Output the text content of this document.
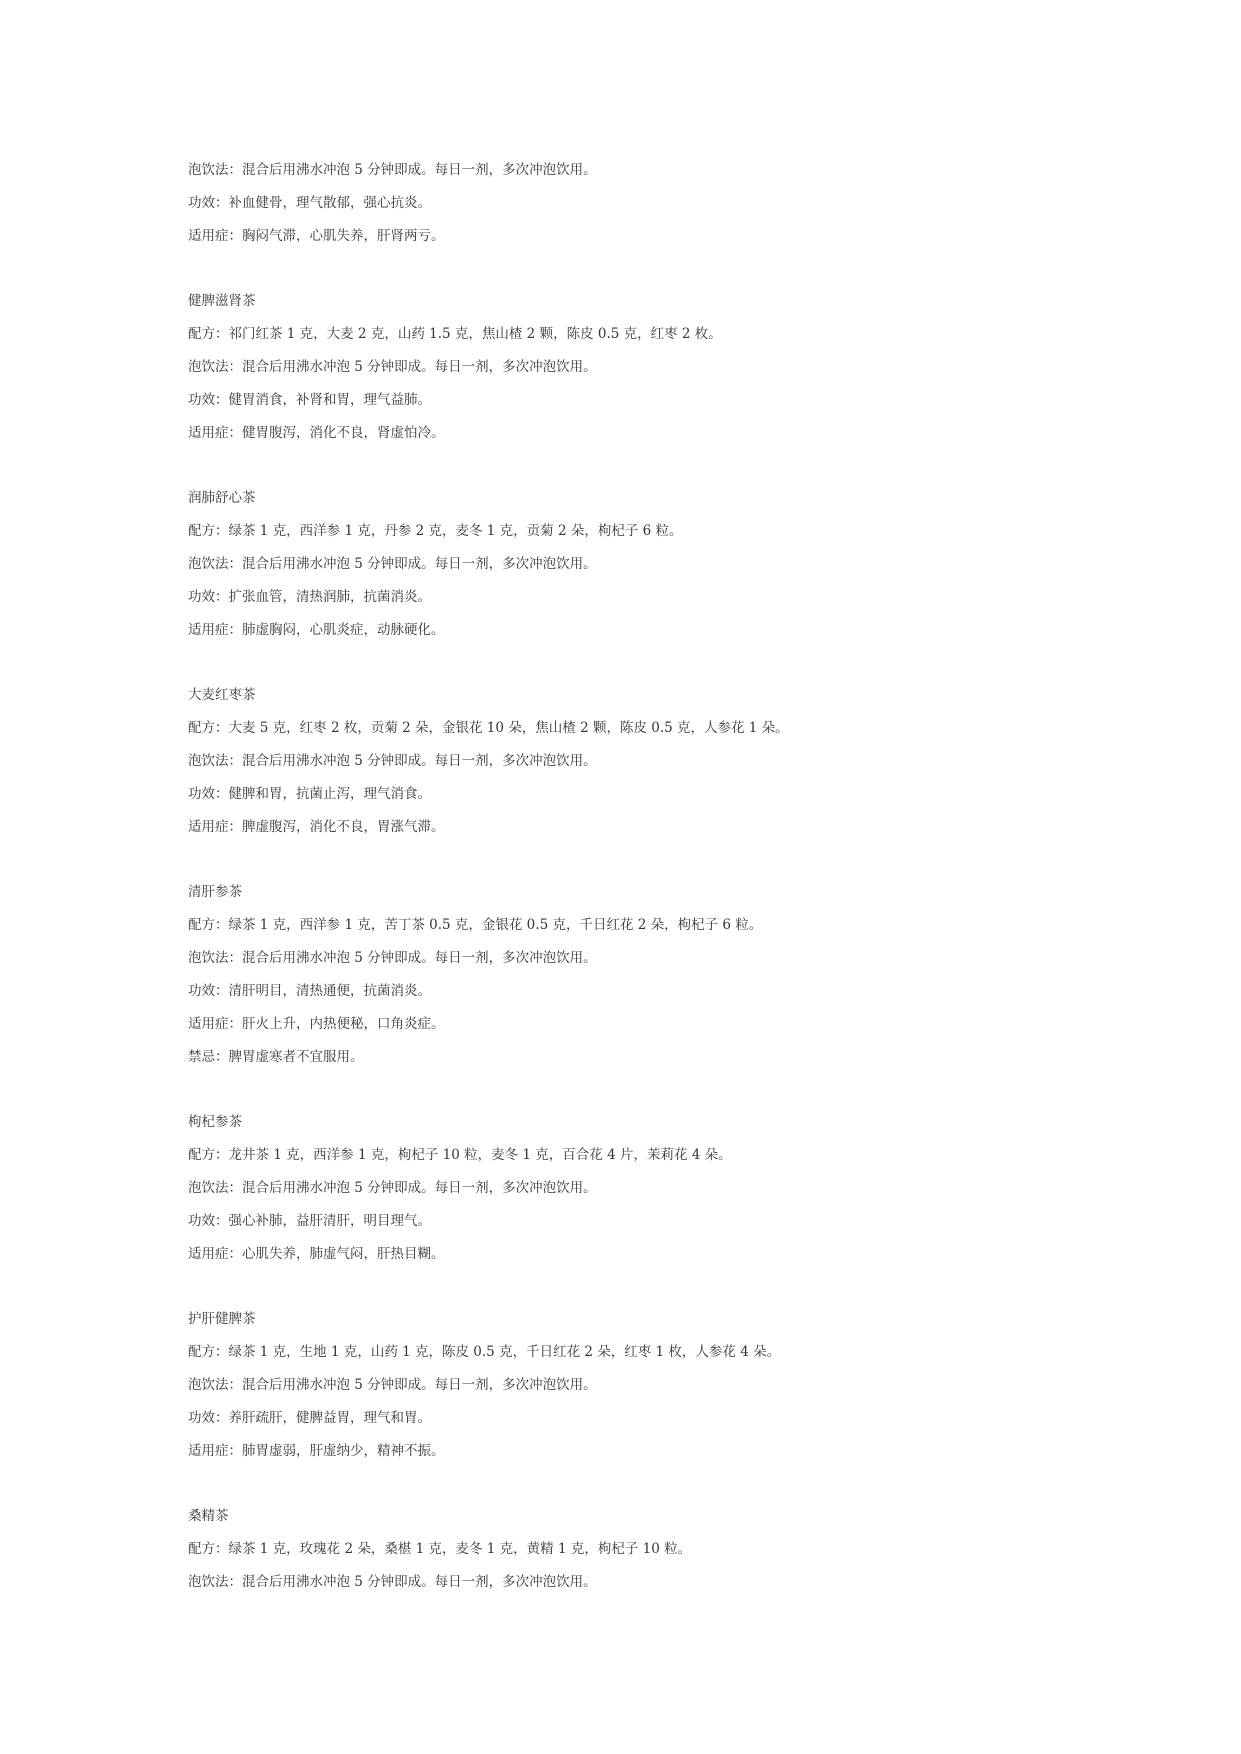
泡饮法：混合后用沸水冲泡 5 分钟即成。每日一剂，多次冲泡饮用。
功效：补血健骨，理气散郁，强心抗炎。
适用症：胸闷气滞，心肌失养，肝肾两亏。
健脾滋肾茶
配方：祁门红茶 1 克，大麦 2 克，山药 1.5 克，焦山楂 2 颗，陈皮 0.5 克，红枣 2 枚。
泡饮法：混合后用沸水冲泡 5 分钟即成。每日一剂，多次冲泡饮用。
功效：健胃消食，补肾和胃，理气益肺。
适用症：健胃腹泻，消化不良，肾虚怕冷。
润肺舒心茶
配方：绿茶 1 克，西洋参 1 克，丹参 2 克，麦冬 1 克，贡菊 2 朵，枸杞子 6 粒。
泡饮法：混合后用沸水冲泡 5 分钟即成。每日一剂，多次冲泡饮用。
功效：扩张血管，清热润肺，抗菌消炎。
适用症：肺虚胸闷，心肌炎症，动脉硬化。
大麦红枣茶
配方：大麦 5 克，红枣 2 枚，贡菊 2 朵，金银花 10 朵，焦山楂 2 颗，陈皮 0.5 克，人参花 1 朵。
泡饮法：混合后用沸水冲泡 5 分钟即成。每日一剂，多次冲泡饮用。
功效：健脾和胃，抗菌止泻，理气消食。
适用症：脾虚腹泻，消化不良，胃涨气滞。
清肝参茶
配方：绿茶 1 克，西洋参 1 克，苦丁茶 0.5 克，金银花 0.5 克，千日红花 2 朵，枸杞子 6 粒。
泡饮法：混合后用沸水冲泡 5 分钟即成。每日一剂，多次冲泡饮用。
功效：清肝明目，清热通便，抗菌消炎。
适用症：肝火上升，内热便秘，口角炎症。
禁忌：脾胃虚寒者不宜服用。
枸杞参茶
配方：龙井茶 1 克，西洋参 1 克，枸杞子 10 粒，麦冬 1 克，百合花 4 片，茉莉花 4 朵。
泡饮法：混合后用沸水冲泡 5 分钟即成。每日一剂，多次冲泡饮用。
功效：强心补肺，益肝清肝，明目理气。
适用症：心肌失养，肺虚气闷，肝热目糊。
护肝健脾茶
配方：绿茶 1 克，生地 1 克，山药 1 克，陈皮 0.5 克，千日红花 2 朵，红枣 1 枚，人参花 4 朵。
泡饮法：混合后用沸水冲泡 5 分钟即成。每日一剂，多次冲泡饮用。
功效：养肝疏肝，健脾益胃，理气和胃。
适用症：肺胃虚弱，肝虚纳少，精神不振。
桑精茶
配方：绿茶 1 克，玫瑰花 2 朵，桑椹 1 克，麦冬 1 克，黄精 1 克，枸杞子 10 粒。
泡饮法：混合后用沸水冲泡 5 分钟即成。每日一剂，多次冲泡饮用。
